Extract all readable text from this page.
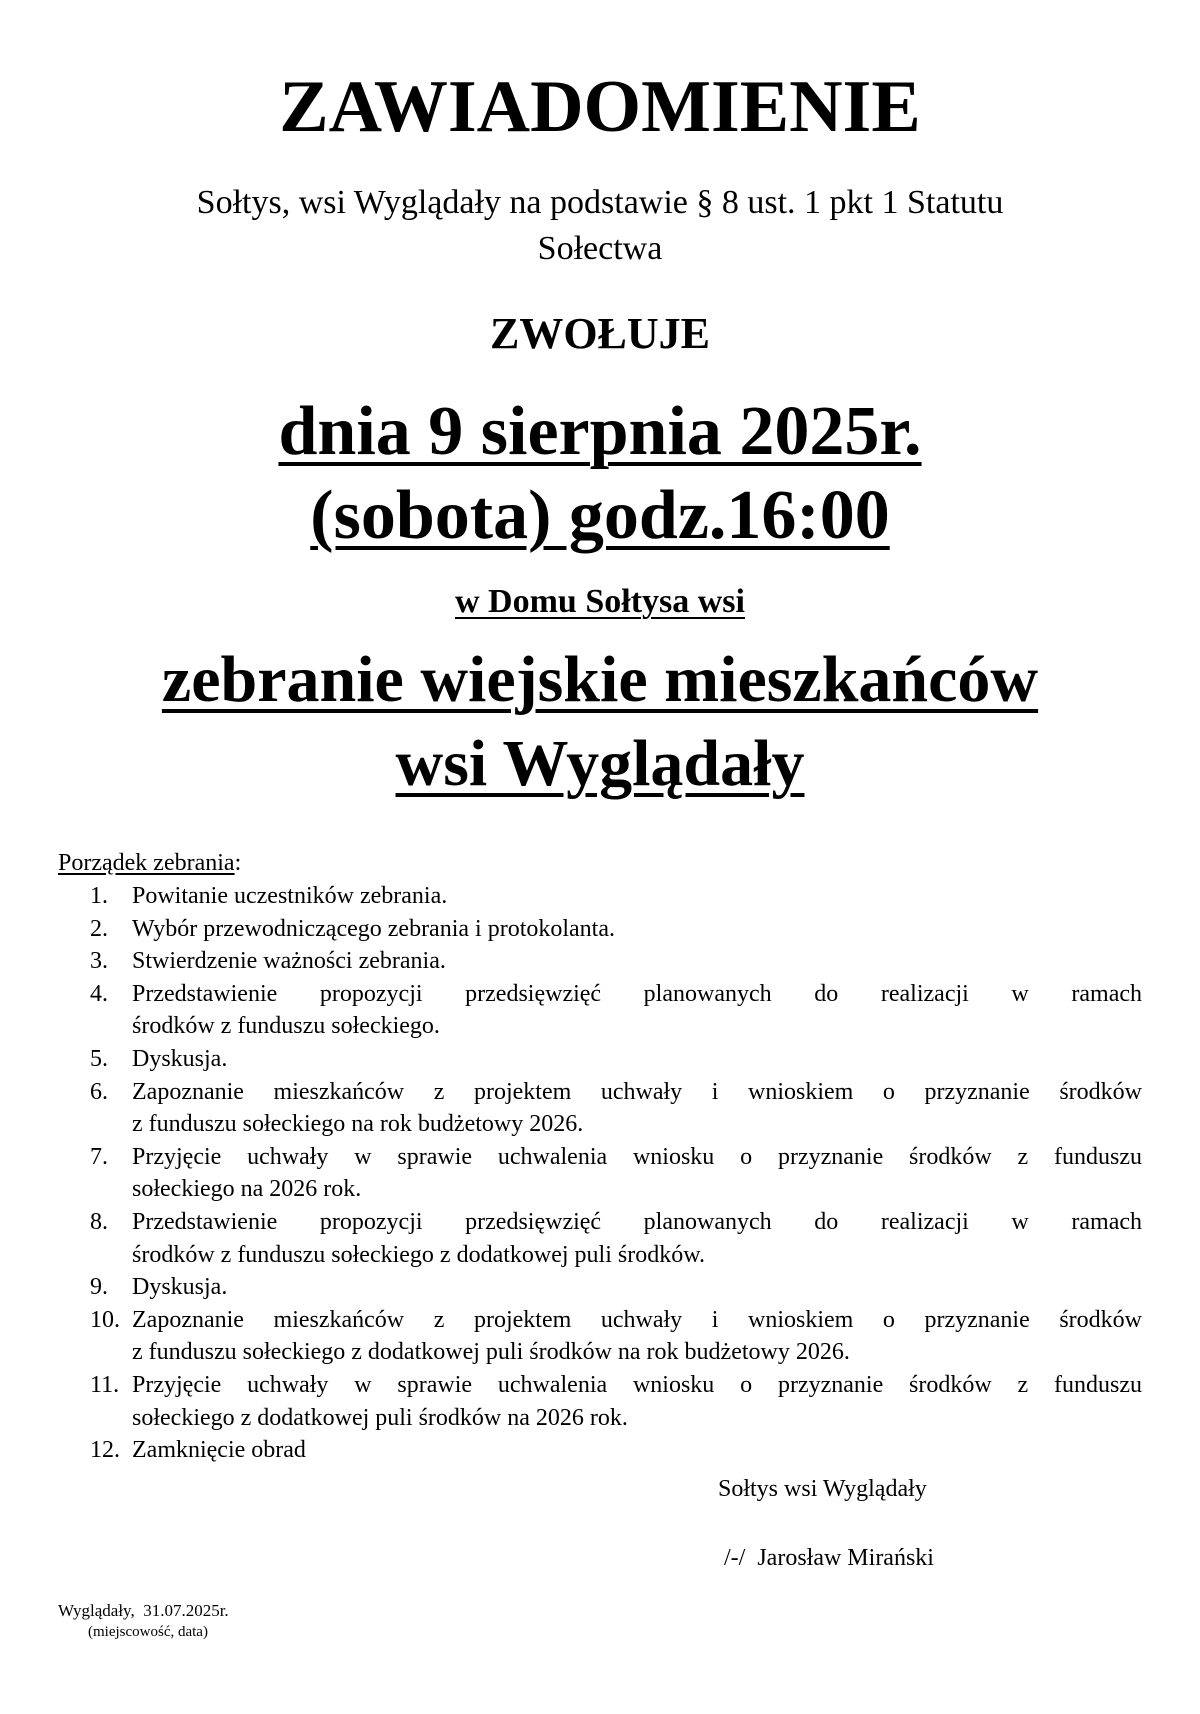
ZAWIADOMIENIE
Sołtys, wsi Wyglądały na podstawie § 8 ust. 1 pkt 1 Statutu
Sołectwa
ZWOŁUJE
dnia 9 sierpnia 2025r.
(sobota) godz.16:00
w Domu Sołtysa wsi
zebranie wiejskie mieszkańców
wsi Wyglądały
Porządek zebrania:
1.	Powitanie uczestników zebrania.
2.	Wybór przewodniczącego zebrania i protokolanta.
3.	Stwierdzenie ważności zebrania.
4.	Przedstawienie propozycji przedsięwzięć planowanych do realizacji w ramach
środków z funduszu sołeckiego.
5.	Dyskusja.
6.	Zapoznanie mieszkańców z projektem uchwały i wnioskiem o przyznanie środków
z funduszu sołeckiego na rok budżetowy 2026.
7.	Przyjęcie uchwały w sprawie uchwalenia wniosku o przyznanie środków z funduszu
sołeckiego na 2026 rok.
8.	Przedstawienie propozycji przedsięwzięć planowanych do realizacji w ramach
środków z funduszu sołeckiego z dodatkowej puli środków.
9.	Dyskusja.
10. Zapoznanie mieszkańców z projektem uchwały i wnioskiem o przyznanie środków
z funduszu sołeckiego z dodatkowej puli środków na rok budżetowy 2026.
11. Przyjęcie uchwały w sprawie uchwalenia wniosku o przyznanie środków z funduszu
sołeckiego z dodatkowej puli środków na 2026 rok.
12. Zamknięcie obrad
Sołtys wsi Wyglądały
/-/  Jarosław Mirański
Wyglądały,  31.07.2025r.
(miejscowość, data)
